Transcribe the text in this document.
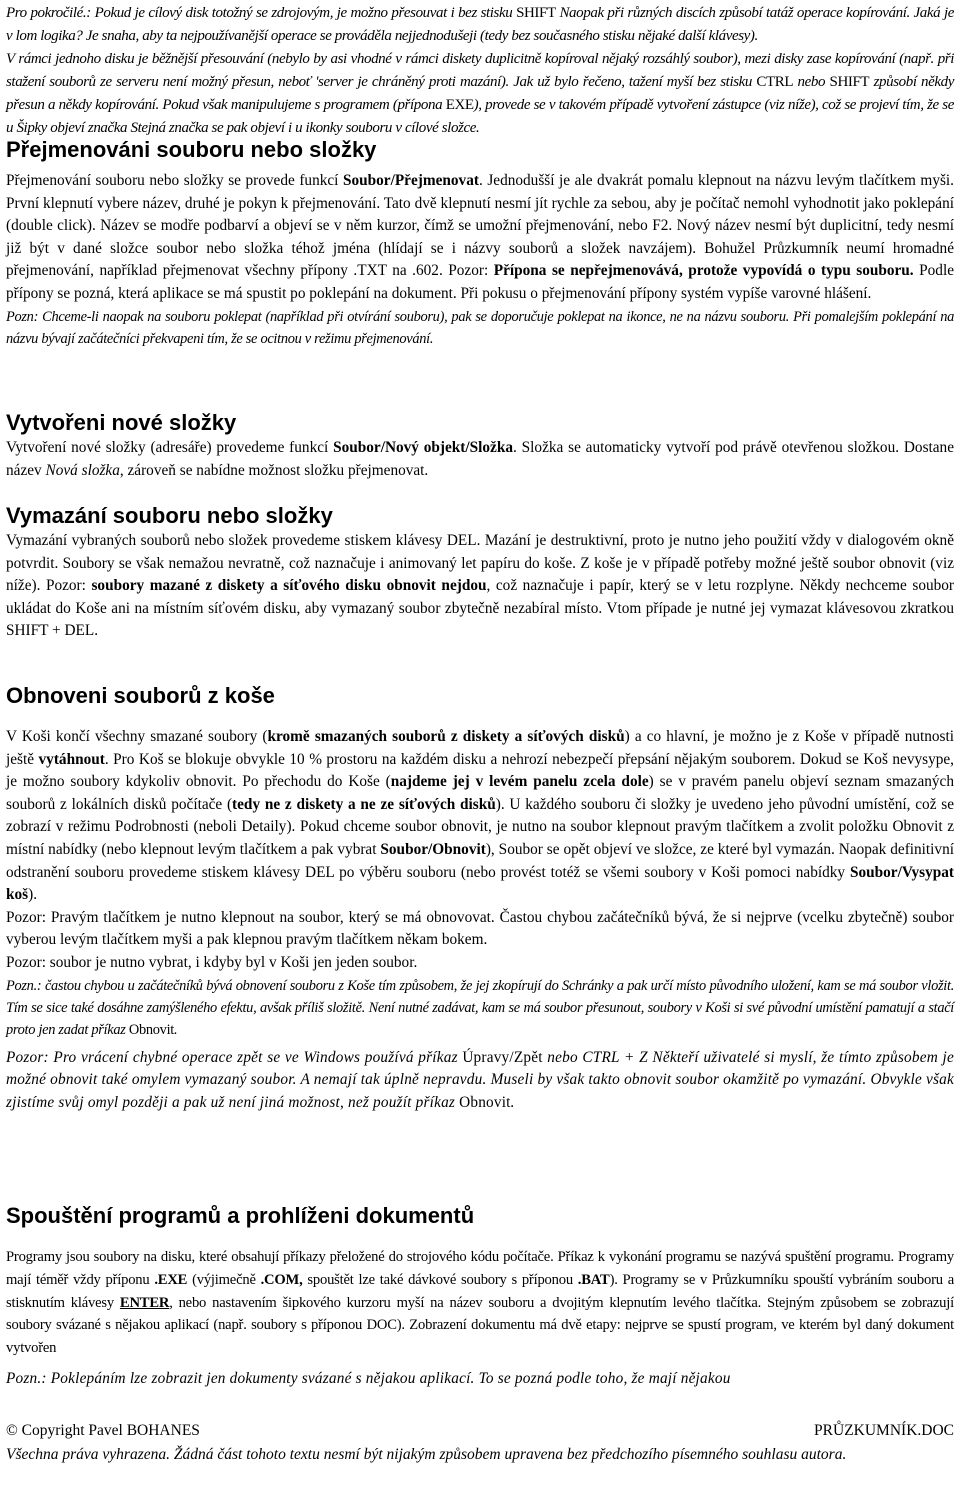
Pro pokročilé.: Pokud je cílový disk totožný se zdrojovým, je možno přesouvat i bez stisku SHIFT Naopak při různých discích způsobí tatáž operace kopírování. Jaká je v lom logika? Je snaha, aby ta nejpoužívanější operace se prováděla nejjednodušeji (tedy bez současného stisku nějaké další klávesy).

V rámci jednoho disku je běžnější přesouvání (nebylo by asi vhodné v rámci diskety duplicitně kopíroval nějaký rozsáhlý soubor), mezi disky zase kopírování (např. při stažení souborů ze serveru není možný přesun, neboť 'server je chráněný proti mazání). Jak už bylo řečeno, tažení myší bez stisku CTRL nebo SHIFT způsobí někdy přesun a někdy kopírování. Pokud však manipulujeme s programem (přípona EXE), provede se v takovém případě vytvoření zástupce (viz níže), což se projeví tím, že se u Šipky objeví značka Stejná značka se pak objeví i u ikonky souboru v cílové složce.

Přejmenováni souboru nebo složky

Přejmenování souboru nebo složky se provede funkcí Soubor/Přejmenovat. Jednodušší je ale dvakrát pomalu klepnout na názvu levým tlačítkem myši. První klepnutí vybere název, druhé je pokyn k přejmenování. Tato dvě klepnutí nesmí jít rychle za sebou, aby je počítač nemohl vyhodnotit jako poklepání (double click). Název se modře podbarví a objeví se v něm kurzor, čímž se umožní přejmenování, nebo F2. Nový název nesmí být duplicitní, tedy nesmí již být v dané složce soubor nebo složka téhož jména (hlídají se i názvy souborů a složek navzájem). Bohužel Průzkumník neumí hromadné přejmenování, například přejmenovat všechny přípony .TXT na .602. Pozor: Přípona se nepřejmenovává, protože vypovídá o typu souboru. Podle přípony se pozná, která aplikace se má spustit po poklepání na dokument. Při pokusu o přejmenování přípony systém vypíše varovné hlášení.

Pozn: Chceme-li naopak na souboru poklepat (například při otvírání souboru), pak se doporučuje poklepat na ikonce, ne na názvu souboru. Při pomalejším poklepání na názvu bývají začátečníci překvapeni tím, že se ocitnou v režimu přejmenování.

Vytvořeni nové složky

Vytvoření nové složky (adresáře) provedeme funkcí Soubor/Nový objekt/Složka. Složka se automaticky vytvoří pod právě otevřenou složkou. Dostane název Nová složka, zároveň se nabídne možnost složku přejmenovat.

Vymazání souboru nebo složky

Vymazání vybraných souborů nebo složek provedeme stiskem klávesy DEL. Mazání je destruktivní, proto je nutno jeho použití vždy v dialogovém okně potvrdit. Soubory se však nemažou nevratně, což naznačuje i animovaný let papíru do koše. Z koše je v případě potřeby možné ještě soubor obnovit (viz níže). Pozor: soubory mazané z diskety a síťového disku obnovit nejdou, což naznačuje i papír, který se v letu rozplyne. Někdy nechceme soubor ukládat do Koše ani na místním síťovém disku, aby vymazaný soubor zbytečně nezabíral místo. Vtom případe je nutné jej vymazat klávesovou zkratkou SHIFT + DEL.

Obnoveni souborů z koše

V Koši končí všechny smazané soubory (kromě smazaných souborů z diskety a síťových disků) a co hlavní, je možno je z Koše v případě nutnosti ještě vytáhnout. Pro Koš se blokuje obvykle 10 % prostoru na každém disku a nehrozí nebezpečí přepsání nějakým souborem. Dokud se Koš nevysype, je možno soubory kdykoliv obnovit. Po přechodu do Koše (najdeme jej v levém panelu zcela dole) se v pravém panelu objeví seznam smazaných souborů z lokálních disků počítače (tedy ne z diskety a ne ze síťových disků). U každého souboru či složky je uvedeno jeho původní umístění, což se zobrazí v režimu Podrobnosti (neboli Detaily). Pokud chceme soubor obnovit, je nutno na soubor klepnout pravým tlačítkem a zvolit položku Obnovit z místní nabídky (nebo klepnout levým tlačítkem a pak vybrat Soubor/Obnovit), Soubor se opět objeví ve složce, ze které byl vymazán. Naopak definitivní odstranění souboru provedeme stiskem klávesy DEL po výběru souboru (nebo provést totéž se všemi soubory v Koši pomoci nabídky Soubor/Vysypat koš).

Pozor: Pravým tlačítkem je nutno klepnout na soubor, který se má obnovovat. Častou chybou začátečníků bývá, že si nejprve (vcelku zbytečně) soubor vyberou levým tlačítkem myši a pak klepnou pravým tlačítkem někam bokem.

Pozor: soubor je nutno vybrat, i kdyby byl v Koši jen jeden soubor.

Pozn.: častou chybou u začátečníků bývá obnovení souboru z Koše tím způsobem, že jej zkopírují do Schránky a pak určí místo původního uložení, kam se má soubor vložit. Tím se sice také dosáhne zamýšleného efektu, avšak příliš složitě. Není nutné zadávat, kam se má soubor přesunout, soubory v Koši si své původní umístění pamatují a stačí proto jen zadat příkaz Obnovit.

Pozor: Pro vrácení chybné operace zpět se ve Windows používá příkaz Úpravy/Zpět nebo CTRL + Z Někteří uživatelé si myslí, že tímto způsobem je možné obnovit také omylem vymazaný soubor. A nemají tak úplně nepravdu. Museli by však takto obnovit soubor okamžitě po vymazání. Obvykle však zjistíme svůj omyl později a pak už není jiná možnost, než použít příkaz Obnovit.

Spouštění programů a prohlíženi dokumentů

Programy jsou soubory na disku, které obsahují příkazy přeložené do strojového kódu počítače. Příkaz k vykonání programu se nazývá spuštění programu. Programy mají téměř vždy příponu .EXE (výjimečně .COM, spouštět lze také dávkové soubory s příponou .BAT). Programy se v Průzkumníku spouští vybráním souboru a stisknutím klávesy ENTER, nebo nastavením šipkového kurzoru myší na název souboru a dvojitým klepnutím levého tlačítka. Stejným způsobem se zobrazují soubory svázané s nějakou aplikací (např. soubory s příponou DOC). Zobrazení dokumentu má dvě etapy: nejprve se spustí program, ve kterém byl daný dokument vytvořen

Pozn.: Poklepáním lze zobrazit jen dokumenty svázané s nějakou aplikací. To se pozná podle toho, že mají nějakou

© Copyright Pavel BOHANES	PRŮZKUMNÍK.DOC

Všechna práva vyhrazena. Žádná část tohoto textu nesmí být nijakým způsobem upravena bez předchozího písemného souhlasu autora.
